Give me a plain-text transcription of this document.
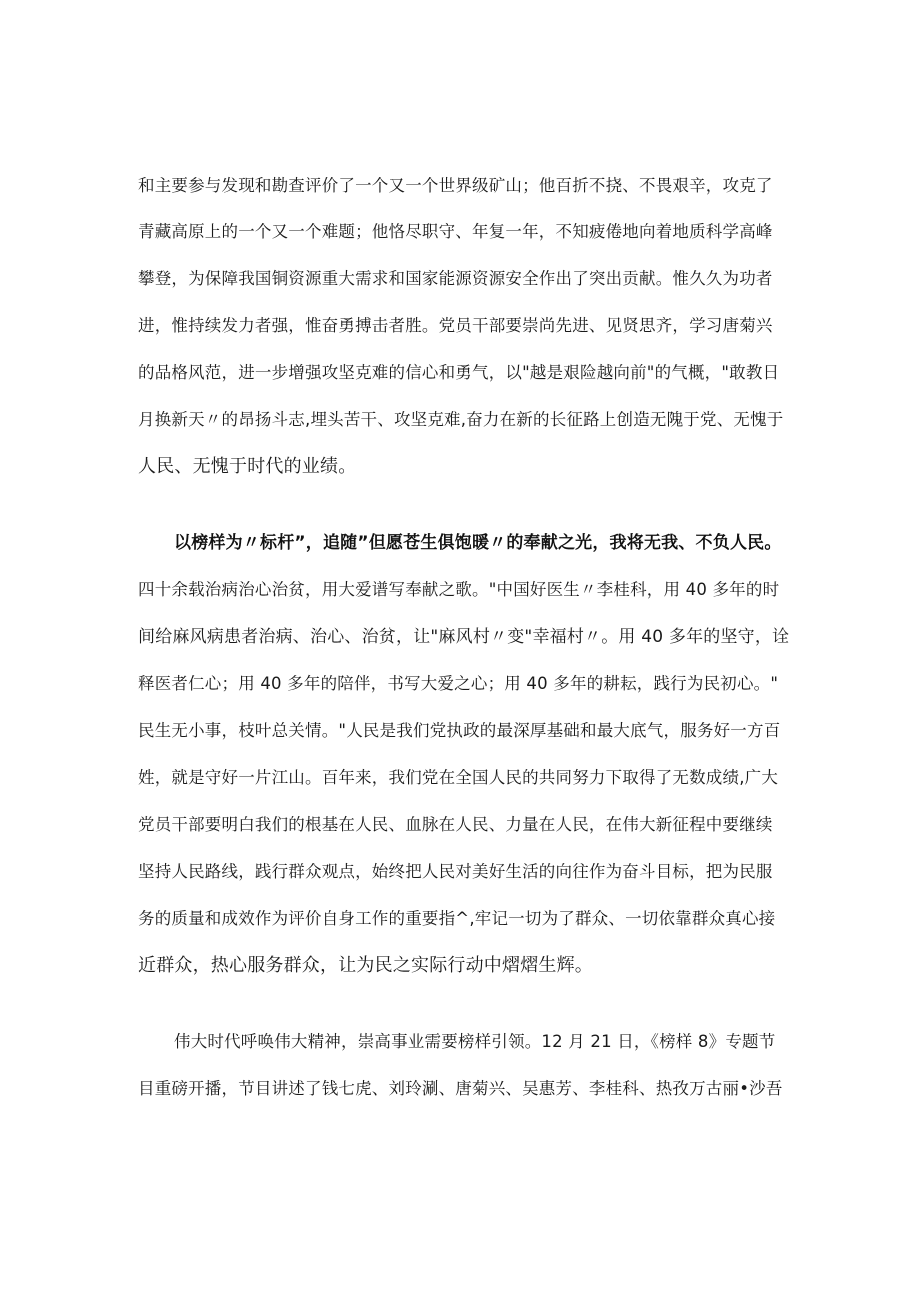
和主要参与发现和勘查评价了一个又一个世界级矿山；他百折不挠、不畏艰辛，攻克了
青藏高原上的一个又一个难题；他恪尽职守、年复一年，不知疲倦地向着地质科学高峰
攀登，为保障我国铜资源重大需求和国家能源资源安全作出了突出贡献。惟久久为功者
进，惟持续发力者强，惟奋勇搏击者胜。党员干部要崇尚先进、见贤思齐，学习唐菊兴
的品格风范，进一步增强攻坚克难的信心和勇气，以"越是艰险越向前"的气概，"敢教日
月换新天〃的昂扬斗志,埋头苦干、攻坚克难,奋力在新的长征路上创造无隗于党、无愧于
人民、无愧于时代的业绩。
以榜样为〃标杆”，追随”但愿苍生俱饱暖〃的奉献之光，我将无我、不负人民。
四十余载治病治心治贫，用大爱谱写奉献之歌。"中国好医生〃李桂科，用 40 多年的时
间给麻风病患者治病、治心、治贫，让"麻风村〃变"幸福村〃。用 40 多年的坚守，诠
释医者仁心；用 40 多年的陪伴，书写大爱之心；用 40 多年的耕耘，践行为民初心。"
民生无小事，枝叶总关情。"人民是我们党执政的最深厚基础和最大底气，服务好一方百
姓，就是守好一片江山。百年来，我们党在全国人民的共同努力下取得了无数成绩,广大
党员干部要明白我们的根基在人民、血脉在人民、力量在人民，在伟大新征程中要继续
坚持人民路线，践行群众观点，始终把人民对美好生活的向往作为奋斗目标，把为民服
务的质量和成效作为评价自身工作的重要指^,牢记一切为了群众、一切依靠群众真心接
近群众，热心服务群众，让为民之实际行动中熠熠生辉。
伟大时代呼唤伟大精神，崇高事业需要榜样引领。12 月 21 日，《榜样 8》专题节
目重磅开播，节目讲述了钱七虎、刘玲涮、唐菊兴、吴惠芳、李桂科、热孜万古丽•沙吾
